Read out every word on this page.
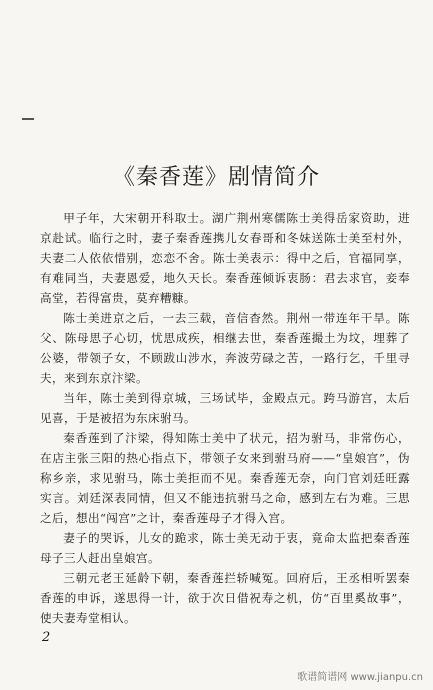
《秦香莲》剧情简介

甲子年，大宋朝开科取士。湖广荆州寒儒陈士美得岳家资助，进京赴试。临行之时，妻子秦香莲携儿女春哥和冬妹送陈士美至村外，夫妻二人依依惜别，恋恋不舍。陈士美表示：得中之后，官福同享，有难同当，夫妻恩爱，地久天长。秦香莲倾诉衷肠：君去求官，妾奉高堂，若得富贵，莫弃糟糠。

陈士美进京之后，一去三载，音信杳然。荆州一带连年干旱。陈父、陈母思子心切，忧思成疾，相继去世，秦香莲撮土为坟，埋葬了公婆，带领子女，不顾跋山涉水，奔波劳碌之苦，一路行乞，千里寻夫，来到东京汴梁。

当年，陈士美到得京城，三场试毕，金殿点元。跨马游宫，太后见喜，于是被招为东床驸马。

秦香莲到了汴梁，得知陈士美中了状元，招为驸马，非常伤心，在店主张三阳的热心指点下，带领子女来到驸马府——“皇娘宫”，伪称乡亲，求见驸马，陈士美拒而不见。秦香莲无奈，向门官刘廷旺露实言。刘廷深表同情，但又不能违抗驸马之命，感到左右为难。三思之后，想出“闯宫”之计，秦香莲母子才得入宫。

妻子的哭诉，儿女的跪求，陈士美无动于衷，竟命太监把秦香莲母子三人赶出皇娘宫。

三朝元老王延龄下朝，秦香莲拦轿喊冤。回府后，王丞相听罢秦香莲的申诉，遂思得一计，欲于次日借祝寿之机，仿“百里奚故事”，使夫妻寿堂相认。

2
歌谱简谱网 www.jianpu.cn
